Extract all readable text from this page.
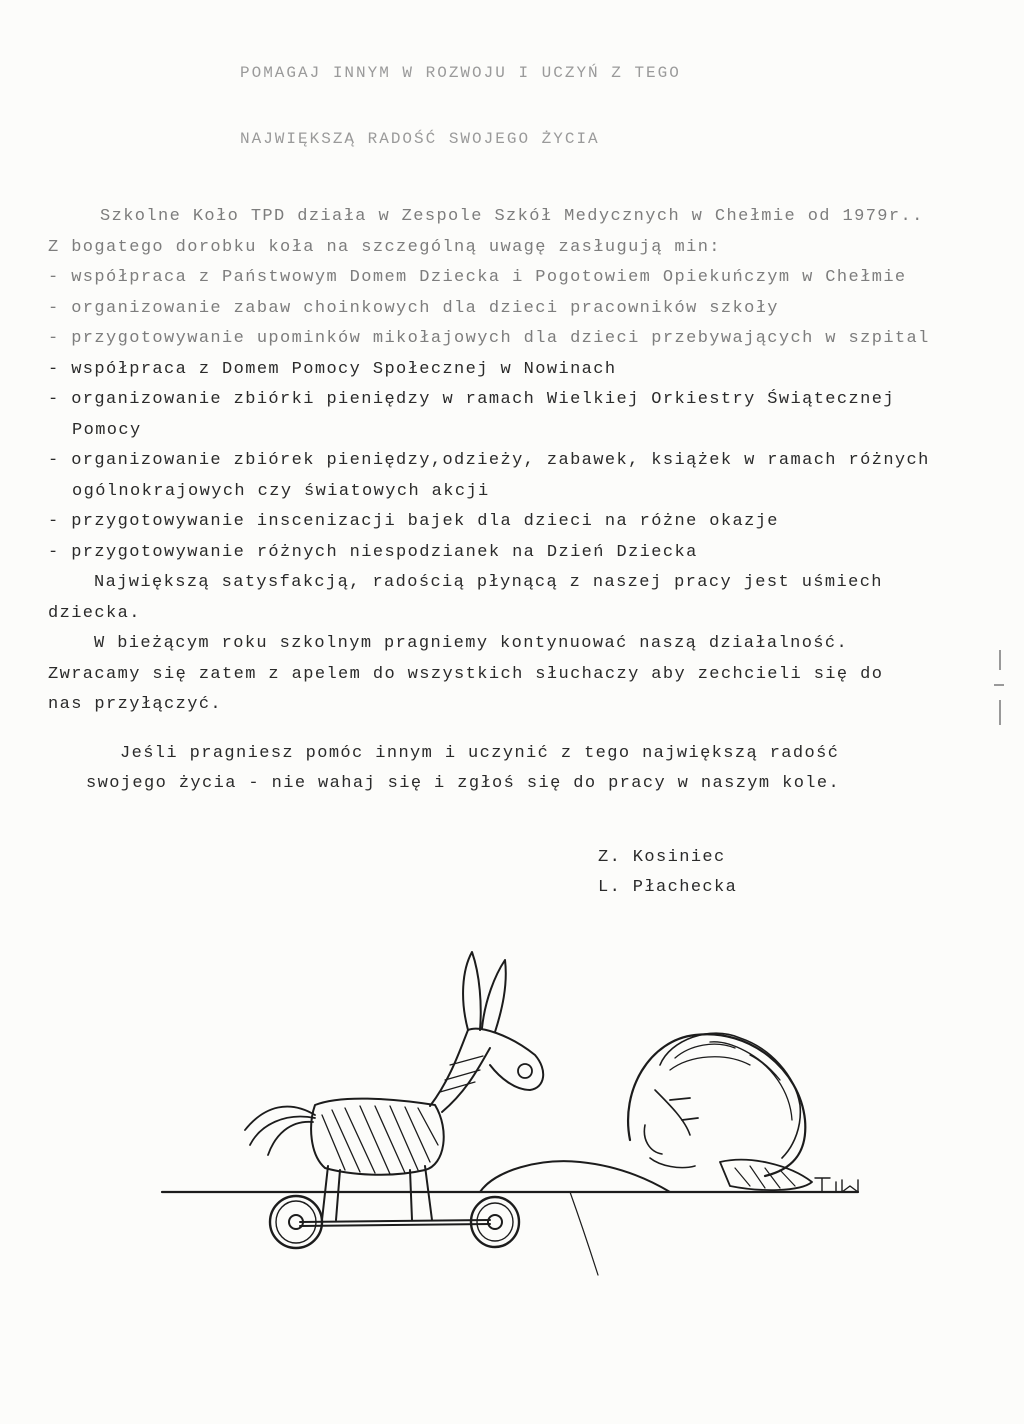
POMAGAJ INNYM W ROZWOJU I UCZYŃ Z TEGO
NAJWIĘKSZĄ RADOŚĆ SWOJEGO ŻYCIA
Szkolne Koło TPD działa w Zespole Szkół Medycznych w Chełmie od 1979r..
Z bogatego dorobku koła na szczególną uwagę zasługują min:
- współpraca z Państwowym Domem Dziecka i Pogotowiem Opiekuńczym w Chełmie
- organizowanie zabaw choinkowych dla dzieci pracowników szkoły
- przygotowywanie upominków mikołajowych dla dzieci przebywających w szpital
- współpraca z Domem Pomocy Społecznej w Nowinach
- organizowanie zbiórki pieniędzy w ramach Wielkiej Orkiestry Świątecznej
Pomocy
- organizowanie zbiórek pieniędzy,odzieży, zabawek, książek w ramach różnych
ogólnokrajowych czy światowych akcji
- przygotowywanie inscenizacji bajek dla dzieci na różne okazje
- przygotowywanie różnych niespodzianek na Dzień Dziecka
Największą satysfakcją, radością płynącą z naszej pracy jest uśmiech
dziecka.
W bieżącym roku szkolnym pragniemy kontynuować naszą działalność.
Zwracamy się zatem z apelem do wszystkich słuchaczy aby zechcieli się do
nas przyłączyć.
Jeśli pragniesz pomóc innym i uczynić z tego największą radość
swojego życia - nie wahaj się i zgłoś się do pracy w naszym kole.
Z. Kosiniec
L. Płachecka
